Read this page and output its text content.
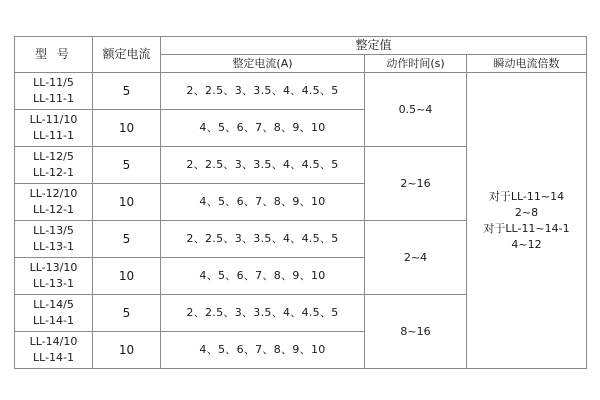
型 号	额定电流	整定值		
		整定电流(A)	动作时间(s)	瞬动电流倍数

LL-11/5
LL-11-1
	5	2、2.5、3、3.5、4、4.5、5	0.5~4	
对于LL-11~14
2~8
对于LL-11~14-1
4~12

LL-11/10
LL-11-1	10	4、5、6、7、8、9、10		

LL-12/5
LL-12-1	5	2、2.5、3、3.5、4、4.5、5	2~16	

LL-12/10
LL-12-1	10	4、5、6、7、8、9、10		

LL-13/5
LL-13-1	5	2、2.5、3、3.5、4、4.5、5	2~4	

LL-13/10
LL-13-1	10	4、5、6、7、8、9、10		

LL-14/5
LL-14-1	5	2、2.5、3、3.5、4、4.5、5	8~16	

LL-14/10
LL-14-1	10	4、5、6、7、8、9、10		
